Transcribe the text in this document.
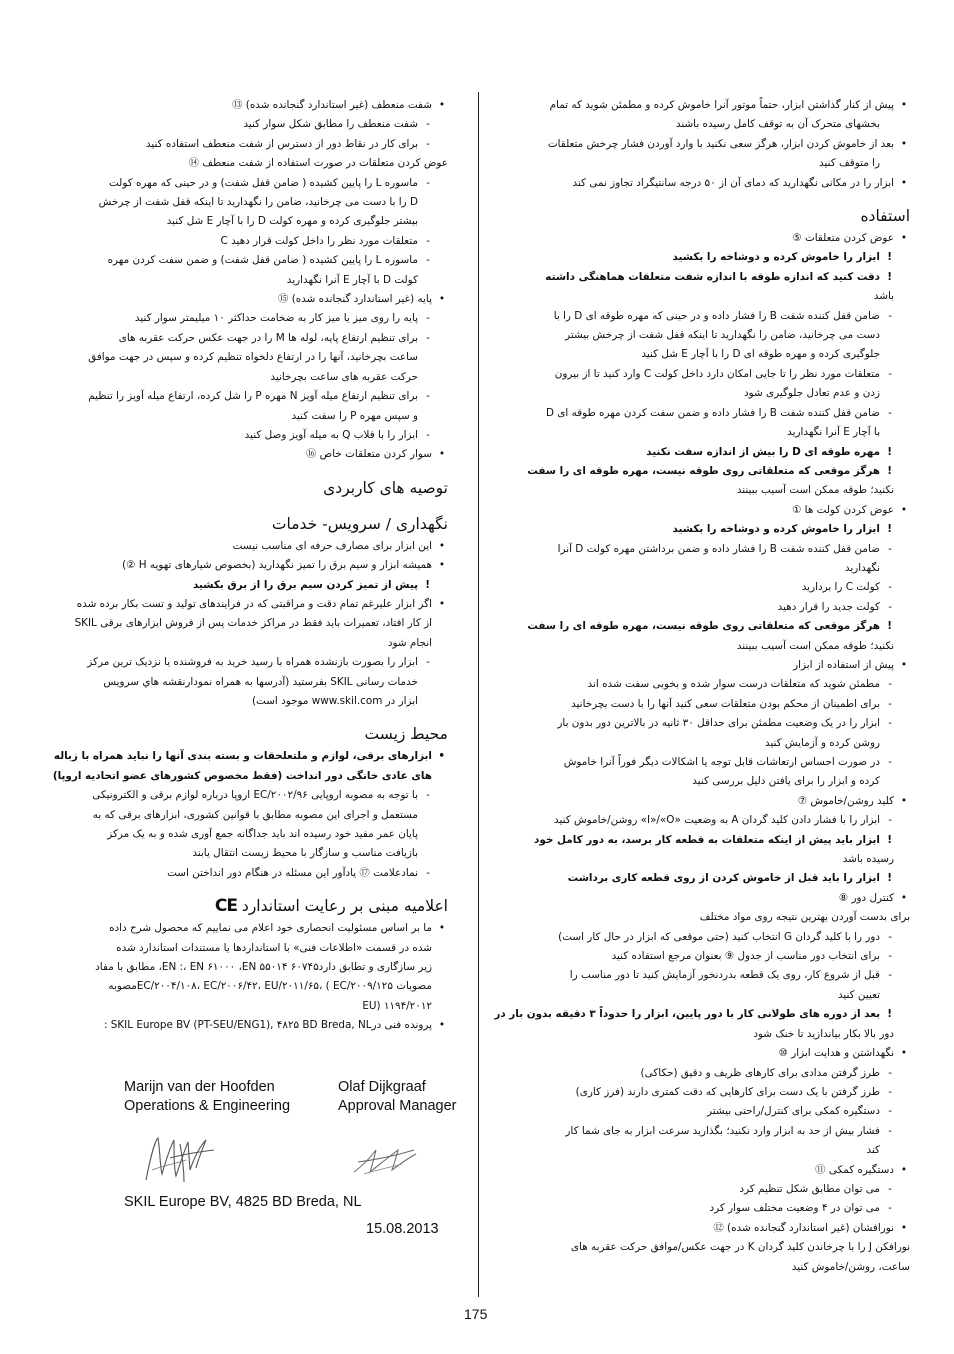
• پیش از کنار گذاشتن ابزار، حتماً موتور آنرا خاموش کرده و مطمئن شوید که تمام
بخشهای متحرک آن به توقف کامل رسیده باشند
• بعد از خاموش کردن ابزار، هرگز سعی نکنید با وارد آوردن فشار چرخش متعلقات
را متوقف کنید
• ابزار را در مکانی نگهدارید که دمای آن از ۵۰ درجه سانتیگراد تجاوز نمی کند
استفاده
• عوض کردن متعلقات ⑤
! ابزار را خاموش کرده و دوشاخه را بکشید
! دقت کنید که اندازه طوقه با اندازه شفت متعلقات هماهنگی داشته
باشد
- ضامن قفل کننده شفت B را فشار داده و در حینی که مهره طوقه ای D را با
دست می چرخانید، ضامن را نگهدارید تا اینکه قفل شفت از چرخش بیشتر
جلوگیری کرده و مهره طوقه ای D را با آچار E شل کنید
- متعلقات مورد نظر را تا جایی امکان دارد داخل کولت C وارد کنید تا از بیرون
زدن و عدم تعادل جلوگیری شود
- ضامن قفل کننده شفت B را فشار داده و ضمن سفت کردن مهره طوقه ای D
با آچار E آنرا نگهدارید
! مهره طوقه ای D را بیش از اندازه سفت نکنید
! هرگز موقعی که متعلقاتی روی طوقه نیست، مهره طوقه ای را سفت
نکنید؛ طوقه ممکن است آسیب ببینند
• عوض کردن کولت ها ①
! ابزار را خاموش کرده و دوشاخه را بکشید
- ضامن قفل کننده شفت B را فشار داده و ضمن برداشتن مهره کولت D آنرا
نگهدارید
- کولت C را بردارید
- کولت جدید را قرار دهید
! هرگز موقعی که متعلقاتی روی طوقه نیست، مهره طوقه ای را سفت
نکنید؛ طوقه ممکن است آسیب ببینند
• پیش از استفاده از ابزار
- مطمئن شوید که متعلقات درست سوار شده و بخوبی سفت شده اند
- برای اطمینان از محکم بودن متعلقات سعی کنید آنها را با دست بچرخانید
- ابزار را در یک وضعیت مطمئن برای حداقل ۳۰ ثانیه در بالاترین دور بدون بار
روشن کرده و آزمایش کنید
- در صورت احساس ارتعاشات قابل توجه یا اشکالات دیگر فوراً آنرا خاموش
کرده و ابزار را برای یافتن دلیل بررسی کنید
• کلید روشن/خاموش ⑦
- ابزار را با فشار دادن کلید گردان A به وضعیت «I»/«O» روشن/خاموش کنید
! ابزار باید پیش از اینکه متعلقات به قطعه کار برسد، به دور کامل خود
رسیده باشد
! ابزار را باید قبل از خاموش کردن از روی قطعه کاری برداشت
• کنترل دور ⑧
برای بدست آوردن بهترین نتیجه روی مواد مختلف
- دور را با کلید گردان G انتخاب کنید (حتی موقعی که ابزار در حال کار است)
- برای انتخاب دور مناسب از جدول ⑨ بعنوان مرجع استفاده کنید
- قبل از شروع کار، روی یک قطعه بدردنخور آزمایش کنید تا دور مناسب را
تعیین کنید
! بعد از دوره های طولانی کار با دور پایین، ابزار را حدوداً ۳ دقیقه بدون بار در
دور بالا بکار بیاندازید تا خنک شود
• نگهداشتن و هدایت ابزار ⑩
- طرز گرفتن مدادی برای کارهای ظریف و دقیق (حکاکی)
- طرز گرفتن با یک دست برای کارهایی که دقت کمتری دارند (فرز کاری)
- دستگیره کمکی برای کنترل/راحتی بیشتر
- فشار بیش از حد به ابزار وارد نکنید؛ بگذارید سرعت ابزار به جای شما کار
کند
• دستگیره کمکی ⑪
- می توان مطابق شکل تنظیم کرد
- می توان در ۴ وضعیت مختلف سوار کرد
• نورافشان (غیر استاندارد گنجانده شده) ⑫
نورافکن J را با چرخاندن کلید گردان K در جهت عکس/موافق حرکت عقربه های
ساعت، روشن/خاموش کنید
• شفت منعطف (غیر استاندارد گنجانده شده) ⑬
- شفت منعطف را مطابق شکل سوار کنید
- برای کار در نقاط دور از دسترس از شفت منعطف استفاده کنید
عوض کردن متعلقات در صورت استفاده از شفت منعطف ⑭
- ماسوره L را پایین کشیده ( ضامن قفل شفت) و در حینی که مهره کولت
D را با دست می چرخانید، ضامن را نگهدارید تا اینکه قفل شفت از چرخش
بیشتر جلوگیری کرده و مهره کولت D را با آچار E شل کنید
- متعلقات مورد نظر را داخل کولت قرار دهید C
- ماسوره L را پایین کشیده ( ضامن قفل شفت) و ضمن سفت کردن مهره
کولت D با آچار E آنرا نگهدارید
• پایه (غیر استاندارد گنجانده شده) ⑮
- پایه را روی میز یا میز کار به ضخامت حداکثر ۱۰ میلیمتر سوار کنید
- برای تنظیم ارتفاع پایه، لوله ها M را در جهت عکس حرکت عقربه های
ساعت بچرخانید، آنها را در ارتفاع دلخواه تنظیم کرده و سپس در جهت موافق
حرکت عقربه های ساعت بچرخانید
- برای تنظیم ارتفاع میله آویز N مهره P را شل کرده، ارتفاع میله آویز را تنظیم
و سپس مهره P را سفت کنید
- ابزار را با قلاب Q به میله آویز وصل کنید
• سوار کردن متعلقات خاص ⑯
توصیه های کاربردی
نگهداری / سرویس- خدمات
• این ابزار برای مصارف حرفه ای مناسب نیست
• همیشه ابزار و سیم برق را تمیز نگهدارید (بخصوص شیارهای تهویه H ②)
! پیش از تمیز کردن سیم برق را از برق بکشید
• اگر ابزار علیرغم تمام دقت و مراقبتی که در فرایندهای تولید و تست بکار برده شده
از کار افتاد، تعمیرات باید فقط در مراکز خدمات پس از فروش ابزارهای برقی SKIL
انجام شود
- ابزار را بصورت بازنشده همراه با رسید خرید به فروشنده یا نزدیک ترین مرکز
خدمات رسانی SKIL بفرستید (آدرسها به همراه نمودارنقشه هاي سرويس
ابزار در www.skil.com موجود است)
محیط زیست
• ابزارهای برقی، لوازم و ملتعلحقات و بسته بندی آنها را نباید همراه با زباله
های عادی خانگی دور انداخت (فقط مخصوص کشورهای عضو اتحادیه اروپا)
- با توجه به مصوبه اروپایی EC/۲۰۰۲/۹۶ اروپا درباره لوازم برقی و الکترونیکی
مستعمل و اجرای این مصوبه مطابق با قوانین کشوری، ابزارهای برقی که به
پایان عمر مفید خود رسیده اند باید جداگانه جمع آوری شده و به یک مرکز
بازیافت مناسب و سازگار با محیط زیست انتقال یابند
- نمادعلامت ⑰ یادآور این مسئله در هنگام دور انداختن است
اعلامیه مبنی بر رعایت استاندارد CE
• ما بر اساس مسئولیت انحصاری خود اعلام می نماییم که محصول شرح داده
شده در قسمت «اطلاعات فنی» با استانداردها یا مستندات استاندارد شده
زیر سازگاری و تطابق دارد۶۰۷۴۵ EN :، EN ۶۱۰۰۰ ،EN ۵۵۰۱۴، مطابق با مفاد
مصوبات EC/۲۰۰۴/۱۰۸، EC/۲۰۰۶/۴۲، EU/۲۰۱۱/۶۵، ( EC/۲۰۰۹/۱۲۵مصوبه
EU) ۱۱۹۴/۲۰۱۲
• پرونده فنی درSKIL Europe BV (PT-SEU/ENG1), ۴۸۲۵ BD Breda, NL :
Marijn van der Hoofden
Operations & Engineering
Olaf Dijkgraaf
Approval Manager
SKIL Europe BV, 4825 BD Breda, NL
15.08.2013
175
